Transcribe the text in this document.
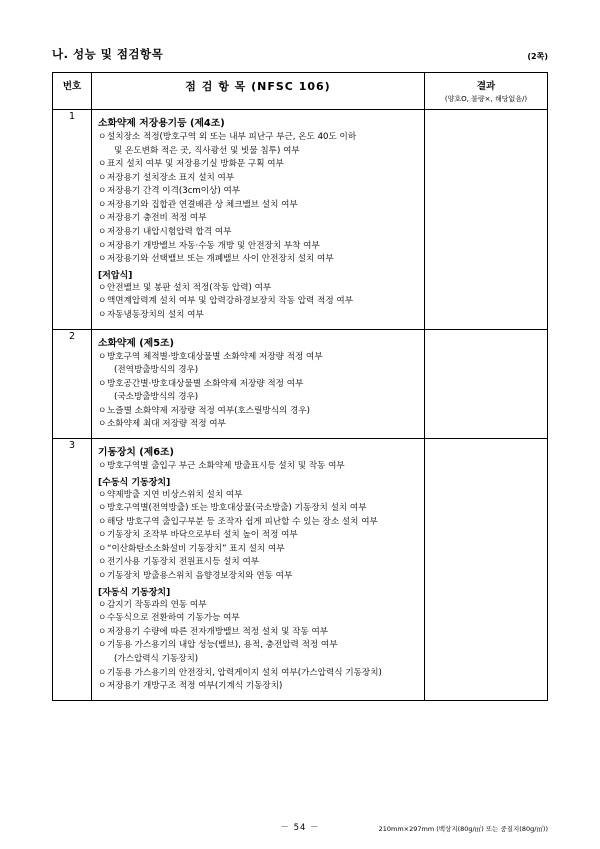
나. 성능 및 점검항목	(2쪽)
번호	점 검 항 목 (NFSC 106)	결과
(양호O, 불량×, 해당없음/)

1	
소화약제 저장용기등 (제4조)
ㅇ 설치장소 적정(방호구역 외 또는 내부 피난구 부근, 온도 40도 이하
및 온도변화 적은 곳, 직사광선 및 빗물 침투) 여부
ㅇ 표지 설치 여부 및 저장용기실 방화문 구획 여부
ㅇ 저장용기 설치장소 표지 설치 여부
ㅇ 저장용기 간격 이격(3cm이상) 여부
ㅇ 저장용기와 집합관 연결배관 상 체크밸브 설치 여부
ㅇ 저장용기 충전비 적정 여부
ㅇ 저장용기 내압시험압력 합격 여부
ㅇ 저장용기 개방밸브 자동·수동 개방 및 안전장치 부착 여부
ㅇ 저장용기와 선택밸브 또는 개폐밸브 사이 안전장치 설치 여부
[저압식]
ㅇ 안전밸브 및 봉판 설치 적정(작동 압력) 여부
ㅇ 액면계압력계 설치 여부 및 압력강하경보장치 작동 압력 적정 여부
ㅇ 자동냉동장치의 설치 여부

2	
소화약제 (제5조)
ㅇ 방호구역 체적별·방호대상물별 소화약제 저장량 적정 여부
(전역방출방식의 경우)
ㅇ 방호공간별·방호대상물별 소화약제 저장량 적정 여부
(국소방출방식의 경우)
ㅇ 노즐별 소화약제 저장량 적정 여부(호스릴방식의 경우)
ㅇ 소화약제 최대 저장량 적정 여부

3	
기동장치 (제6조)
ㅇ 방호구역별 출입구 부근 소화약제 방출표시등 설치 및 작동 여부
[수동식 기동장치]
ㅇ 약제방출 지연 비상스위치 설치 여부
ㅇ 방호구역별(전역방출) 또는 방호대상물(국소방출) 기동장치 설치 여부
ㅇ 해당 방호구역 출입구부분 등 조작자 쉽게 피난할 수 있는 장소 설치 여부
ㅇ 기동장치 조작부 바닥으로부터 설치 높이 적정 여부
ㅇ “이산화탄소소화설비 기동장치” 표지 설치 여부
ㅇ 전기사용 기동장치 전원표시등 설치 여부
ㅇ 기동장치 방출용스위치 음향경보장치와 연동 여부
[자동식 기동장치]
ㅇ 감지기 작동과의 연동 여부
ㅇ 수동식으로 전환하여 기동가능 여부
ㅇ 저장용기 수량에 따른 전자개방밸브 적정 설치 및 작동 여부
ㅇ 기동용 가스용기의 내압 성능(밸브), 용적, 충전압력 적정 여부
(가스압력식 기동장치)
ㅇ 기동용 가스용기의 안전장치, 압력게이지 설치 여부(가스압력식 기동장치)
ㅇ 저장용기 개방구조 적정 여부(기계식 기동장치)

－ 54 －	210mm×297mm (백상지(80g/㎡) 또는 중질지(80g/㎡))
